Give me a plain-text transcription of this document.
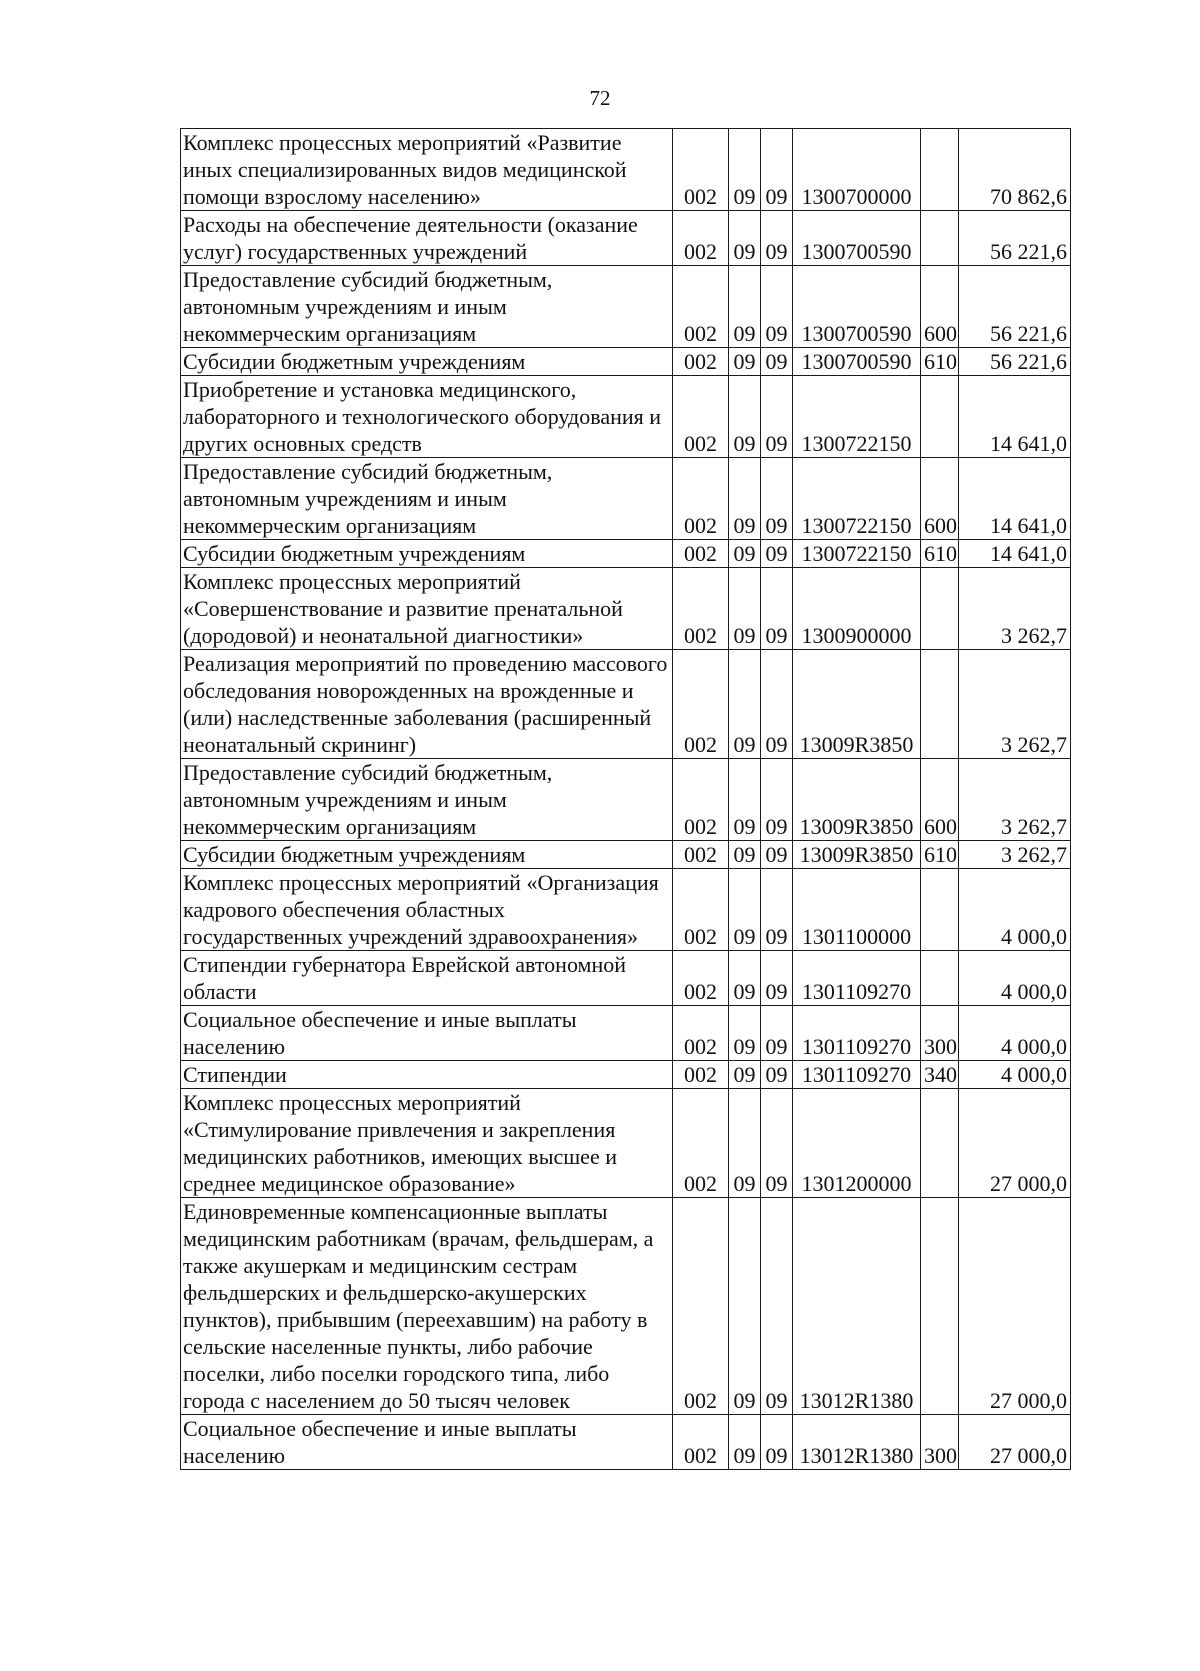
72
Комплекс процессных мероприятий «Развитие иных специализированных видов медицинской помощи взрослому населению»	002	09	09	1300700000		70 862,6
Расходы на обеспечение деятельности (оказание услуг) государственных учреждений	002	09	09	1300700590		56 221,6
Предоставление субсидий бюджетным, автономным учреждениям и иным некоммерческим организациям	002	09	09	1300700590	600	56 221,6
Субсидии бюджетным учреждениям	002	09	09	1300700590	610	56 221,6
Приобретение и установка медицинского, лабораторного и технологического оборудования и других основных средств	002	09	09	1300722150		14 641,0
Предоставление субсидий бюджетным, автономным учреждениям и иным некоммерческим организациям	002	09	09	1300722150	600	14 641,0
Субсидии бюджетным учреждениям	002	09	09	1300722150	610	14 641,0
Комплекс процессных мероприятий «Совершенствование и развитие пренатальной (дородовой) и неонатальной диагностики»	002	09	09	1300900000		3 262,7
Реализация мероприятий по проведению массового обследования новорожденных на врожденные и (или) наследственные заболевания (расширенный неонатальный скрининг)	002	09	09	13009R3850		3 262,7
Предоставление субсидий бюджетным, автономным учреждениям и иным некоммерческим организациям	002	09	09	13009R3850	600	3 262,7
Субсидии бюджетным учреждениям	002	09	09	13009R3850	610	3 262,7
Комплекс процессных мероприятий «Организация кадрового обеспечения областных государственных учреждений здравоохранения»	002	09	09	1301100000		4 000,0
Стипендии губернатора Еврейской автономной области	002	09	09	1301109270		4 000,0
Социальное обеспечение и иные выплаты населению	002	09	09	1301109270	300	4 000,0
Стипендии	002	09	09	1301109270	340	4 000,0
Комплекс процессных мероприятий «Стимулирование привлечения и закрепления медицинских работников, имеющих высшее и среднее медицинское образование»	002	09	09	1301200000		27 000,0
Единовременные компенсационные выплаты медицинским работникам (врачам, фельдшерам, а также акушеркам и медицинским сестрам фельдшерских и фельдшерско-акушерских пунктов), прибывшим (переехавшим) на работу в сельские населенные пункты, либо рабочие поселки, либо поселки городского типа, либо города с населением до 50 тысяч человек	002	09	09	13012R1380		27 000,0
Социальное обеспечение и иные выплаты населению	002	09	09	13012R1380	300	27 000,0
